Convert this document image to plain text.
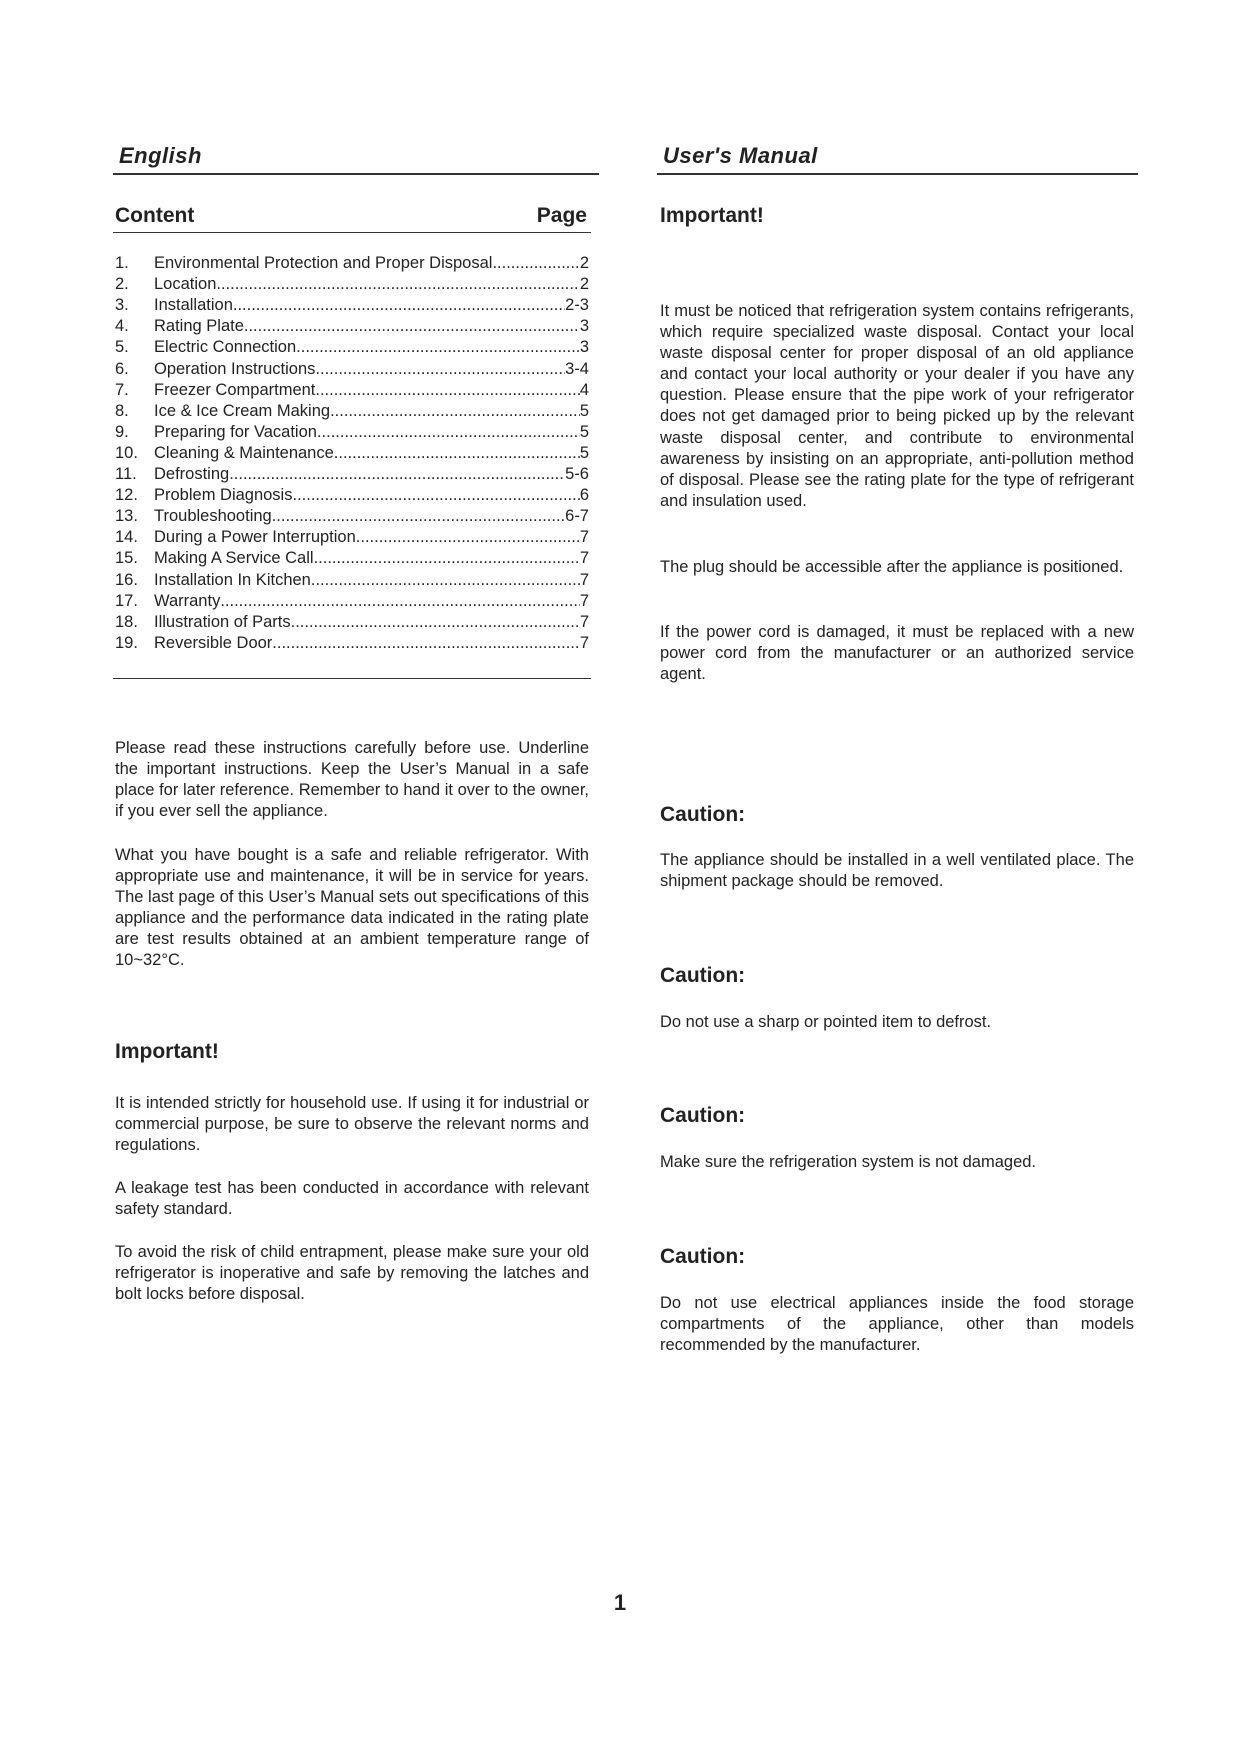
English	User's Manual
Content	Page
1.	Environmental Protection and Proper Disposal .....	2
2.	Location .....	2
3.	Installation .....	2-3
4.	Rating Plate .....	3
5.	Electric Connection .....	3
6.	Operation Instructions .....	3-4
7.	Freezer Compartment .....	4
8.	Ice & Ice Cream Making .....	5
9.	Preparing for Vacation .....	5
10. Cleaning & Maintenance .....	5
11.	Defrosting .....	5-6
12. Problem Diagnosis .....	6
13. Troubleshooting .....	6-7
14. During a Power Interruption .....	7
15. Making A Service Call .....	7
16. Installation In Kitchen .....	7
17. Warranty .....	7
18. Illustration of Parts .....	7
19. Reversible Door .....	7

Please read these instructions carefully before use. Underline the important instructions. Keep the User’s Manual in a safe place for later reference. Remember to hand it over to the owner, if you ever sell the appliance.

What you have bought is a safe and reliable refrigerator. With appropriate use and maintenance, it will be in service for years. The last page of this User’s Manual sets out specifications of this appliance and the performance data indicated in the rating plate are test results obtained at an ambient temperature range of 10~32°C.

Important!

It is intended strictly for household use. If using it for industrial or commercial purpose, be sure to observe the relevant norms and regulations.

A leakage test has been conducted in accordance with relevant safety standard.

To avoid the risk of child entrapment, please make sure your old refrigerator is inoperative and safe by removing the latches and bolt locks before disposal.

Important!

It must be noticed that refrigeration system contains refrigerants, which require specialized waste disposal. Contact your local waste disposal center for proper disposal of an old appliance and contact your local authority or your dealer if you have any question. Please ensure that the pipe work of your refrigerator does not get damaged prior to being picked up by the relevant waste disposal center, and contribute to environmental awareness by insisting on an appropriate, anti-pollution method of disposal. Please see the rating plate for the type of refrigerant and insulation used.

The plug should be accessible after the appliance is positioned.

If the power cord is damaged, it must be replaced with a new power cord from the manufacturer or an authorized service agent.

Caution:

The appliance should be installed in a well ventilated place. The shipment package should be removed.

Caution:

Do not use a sharp or pointed item to defrost.

Caution:

Make sure the refrigeration system is not damaged.

Caution:

Do not use electrical appliances inside the food storage compartments of the appliance, other than models recommended by the manufacturer.

1
